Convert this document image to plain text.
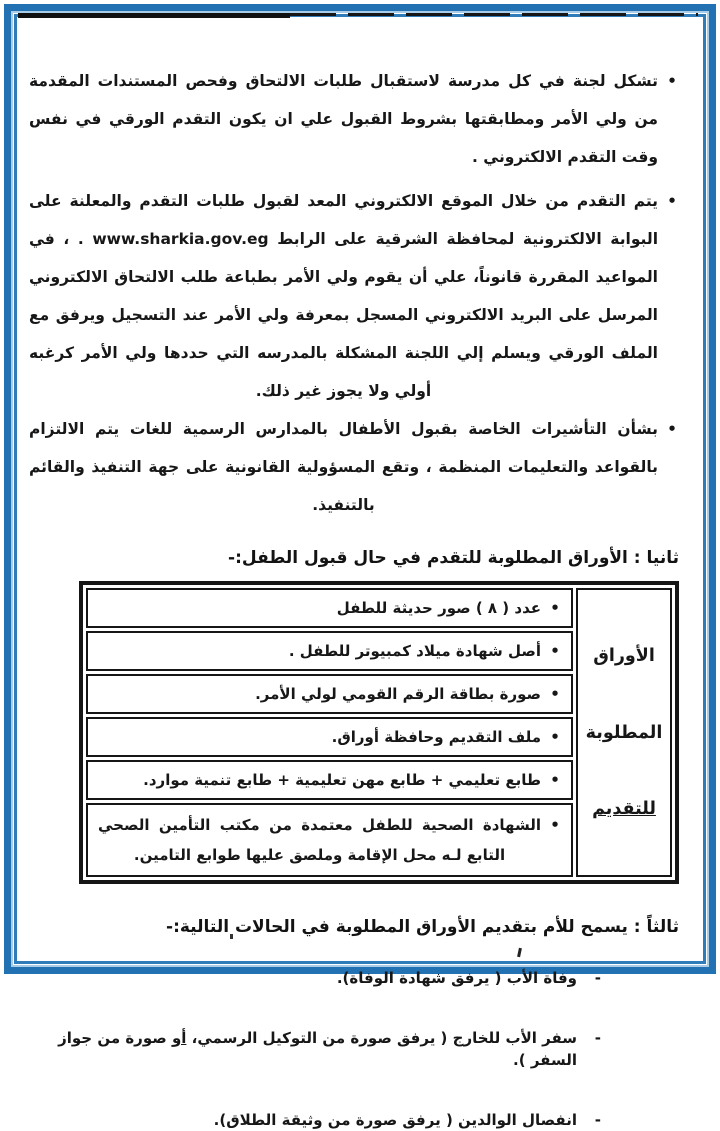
•
تشكل لجنة في كل مدرسة لاستقبال طلبات الالتحاق وفحص المستندات المقدمة من ولي الأمر ومطابقتها بشروط القبول علي ان يكون التقدم الورقي في نفس وقت التقدم الالكتروني .
•
يتم التقدم من خلال الموقع الالكتروني المعد لقبول طلبات التقدم والمعلنة على البوابة الالكترونية لمحافظة الشرقية على الرابط www.sharkia.gov.eg . ، في المواعيد المقررة قانوناً، علي أن يقوم ولي الأمر بطباعة طلب الالتحاق الالكتروني المرسل على البريد الالكتروني المسجل بمعرفة ولي الأمر عند التسجيل ويرفق مع الملف الورقي ويسلم إلي اللجنة المشكلة بالمدرسه التي حددها ولي الأمر كرغبه أولي ولا يجوز غير ذلك.
•
بشأن التأشيرات الخاصة بقبول الأطفال بالمدارس الرسمية للغات يتم الالتزام بالقواعد والتعليمات المنظمة ، وتقع المسؤولية القانونية على جهة التنفيذ والقائم بالتنفيذ.
ثانيا : الأوراق المطلوبة للتقدم في حال قبول الطفل:-
الأوراق
المطلوبة
للتقديم
•
عدد ( ٨ ) صور حديثة للطفل
•
أصل شهادة ميلاد كمبيوتر للطفل .
•
صورة بطاقة الرقم القومي لولي الأمر.
•
ملف التقديم وحافظة أوراق.
•
طابع تعليمي + طابع مهن تعليمية + طابع تنمية موارد.
•
الشهادة الصحية للطفل معتمدة من مكتب التأمين الصحي التابع لـه محل الإقامة وملصق عليها طوابع التامين.
ثالثاً : يسمح للأم بتقديم الأوراق المطلوبة في الحالات التالية:-
-
وفاة الأب ( يرفق شهادة الوفاة).
-
سفر الأب للخارج ( يرفق صورة من التوكيل الرسمي، أو صورة من جواز السفر ).
-
انفصال الوالدين ( يرفق صورة من وثيقة الطلاق).
